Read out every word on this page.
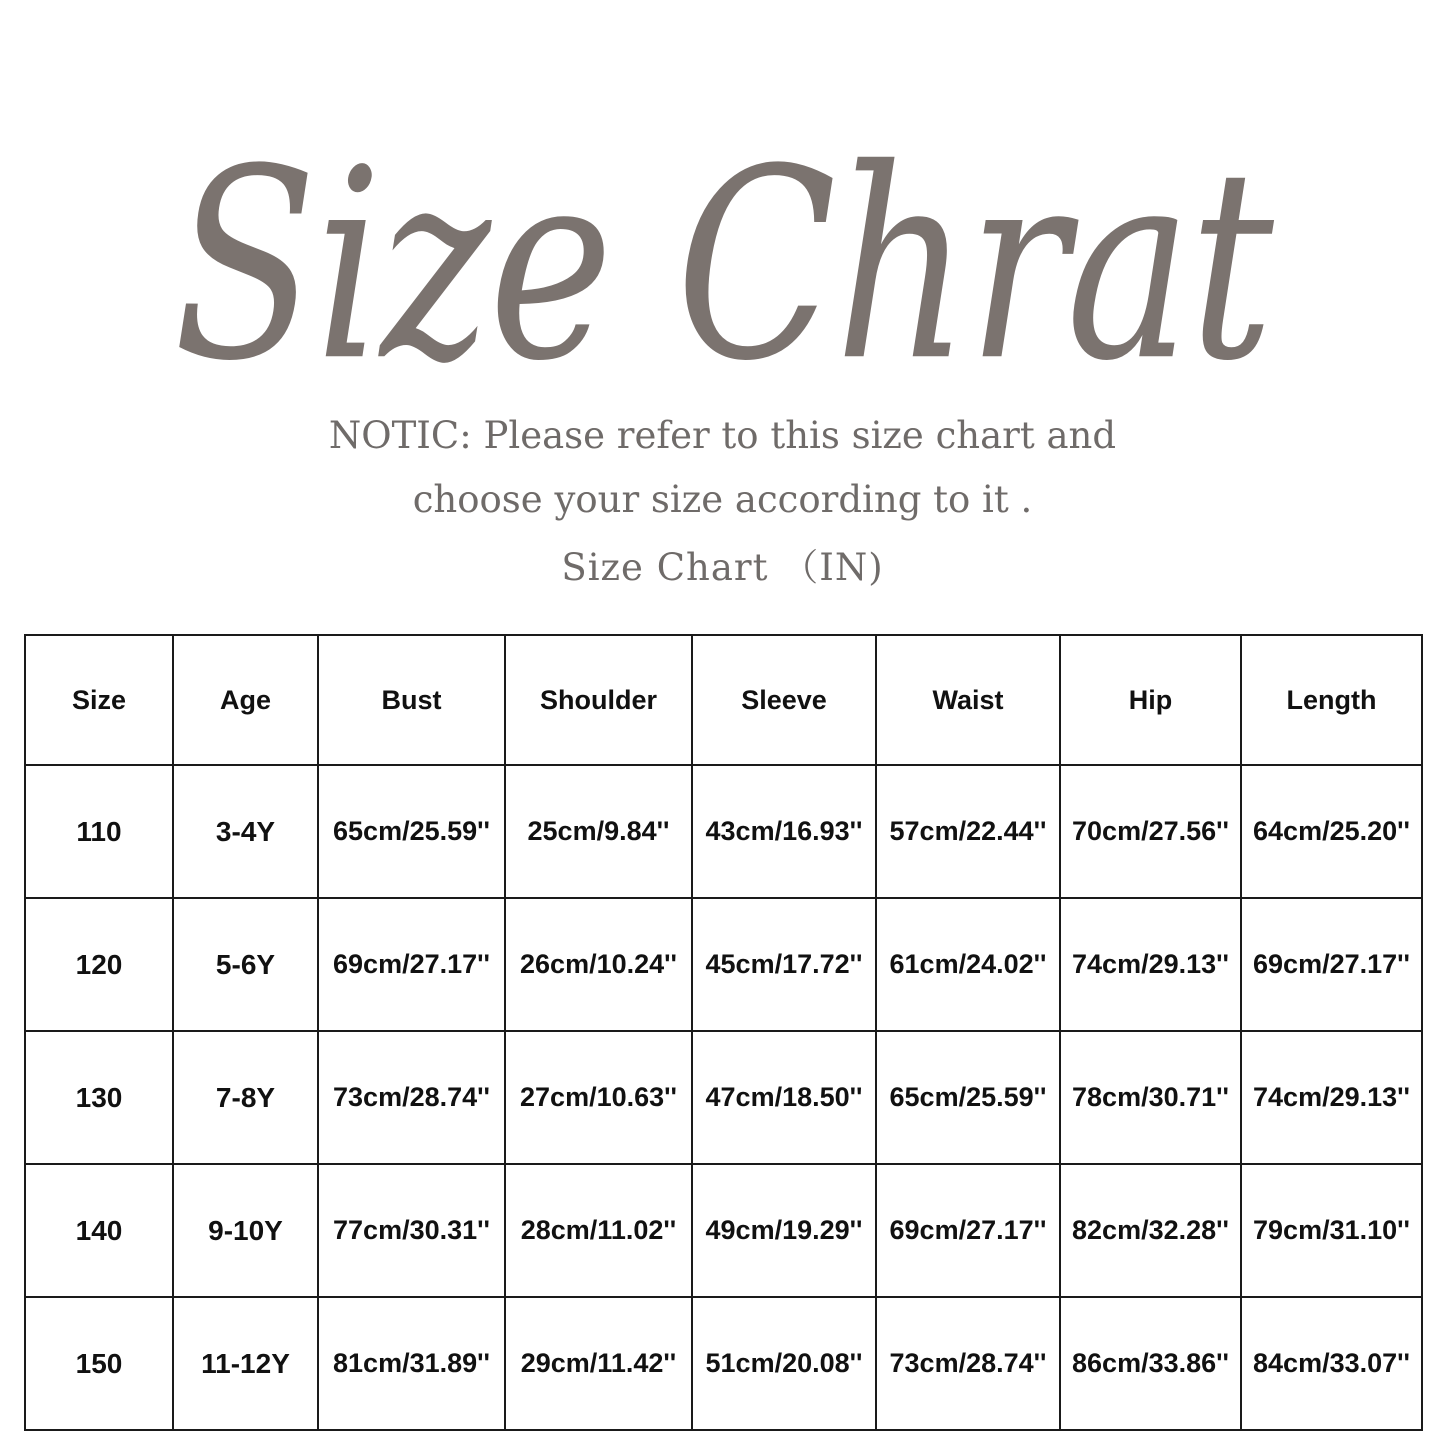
Size Chrat
NOTIC: Please refer to this size chart and
choose your size according to it .
Size Chart （IN)
Size	Age	Bust	Shoulder	Sleeve	Waist	Hip	Length
110	3-4Y	65cm/25.59''	25cm/9.84''	43cm/16.93''	57cm/22.44''	70cm/27.56''	64cm/25.20''
120	5-6Y	69cm/27.17''	26cm/10.24''	45cm/17.72''	61cm/24.02''	74cm/29.13''	69cm/27.17''
130	7-8Y	73cm/28.74''	27cm/10.63''	47cm/18.50''	65cm/25.59''	78cm/30.71''	74cm/29.13''
140	9-10Y	77cm/30.31''	28cm/11.02''	49cm/19.29''	69cm/27.17''	82cm/32.28''	79cm/31.10''
150	11-12Y	81cm/31.89''	29cm/11.42''	51cm/20.08''	73cm/28.74''	86cm/33.86''	84cm/33.07''
